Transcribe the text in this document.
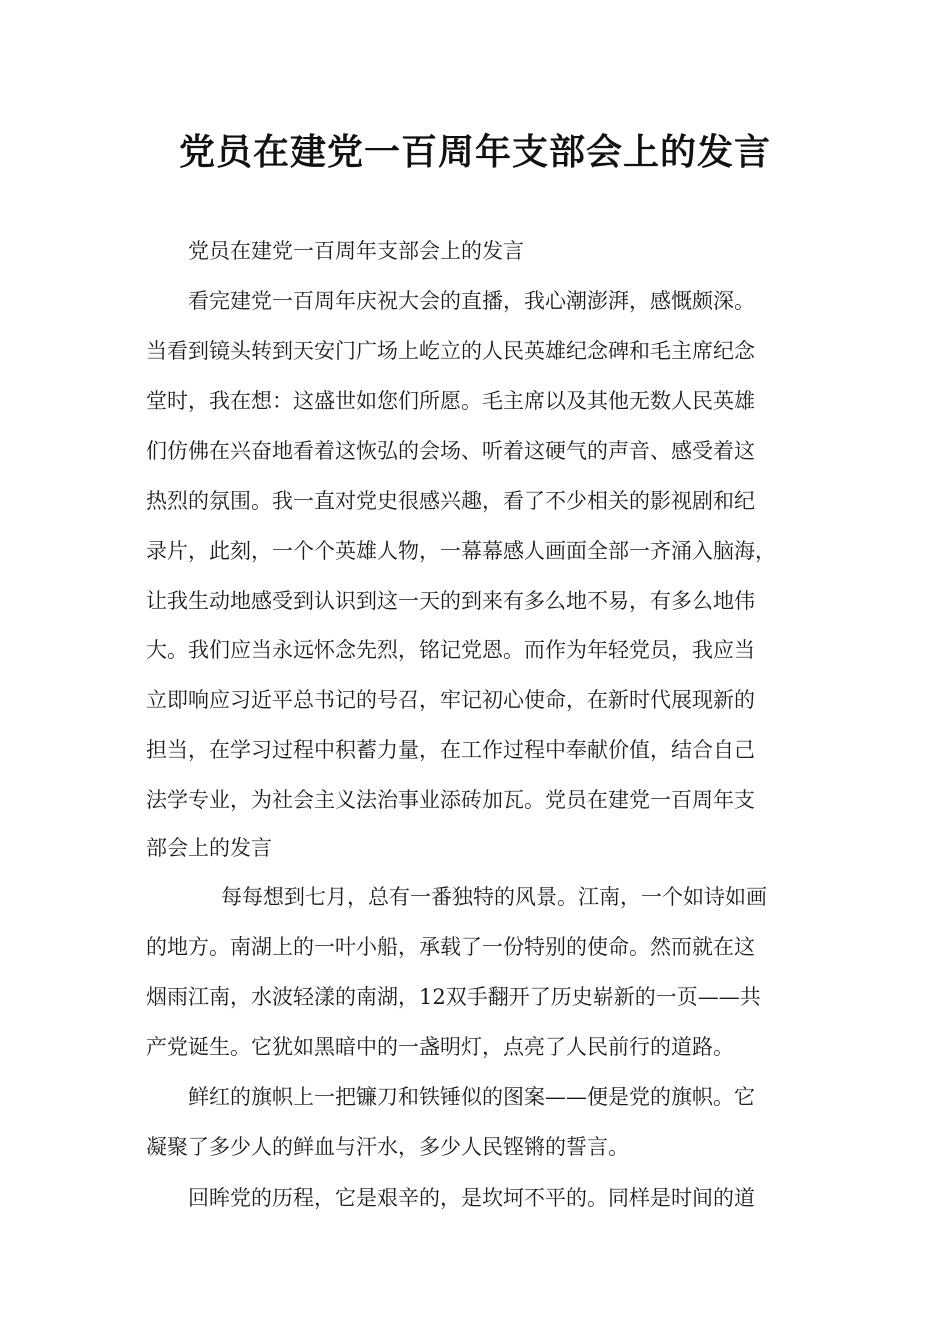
党员在建党一百周年支部会上的发言

党员在建党一百周年支部会上的发言

看完建党一百周年庆祝大会的直播，我心潮澎湃，感慨颇深。

当看到镜头转到天安门广场上屹立的人民英雄纪念碑和毛主席纪念

堂时，我在想：这盛世如您们所愿。毛主席以及其他无数人民英雄

们仿佛在兴奋地看着这恢弘的会场、听着这硬气的声音、感受着这

热烈的氛围。我一直对党史很感兴趣，看了不少相关的影视剧和纪

录片，此刻，一个个英雄人物，一幕幕感人画面全部一齐涌入脑海，

让我生动地感受到认识到这一天的到来有多么地不易，有多么地伟

大。我们应当永远怀念先烈，铭记党恩。而作为年轻党员，我应当

立即响应习近平总书记的号召，牢记初心使命，在新时代展现新的

担当，在学习过程中积蓄力量，在工作过程中奉献价值，结合自己

法学专业，为社会主义法治事业添砖加瓦。党员在建党一百周年支

部会上的发言

每每想到七月，总有一番独特的风景。江南，一个如诗如画

的地方。南湖上的一叶小船，承载了一份特别的使命。然而就在这

烟雨江南，水波轻漾的南湖，12双手翻开了历史崭新的一页——共

产党诞生。它犹如黑暗中的一盏明灯，点亮了人民前行的道路。

鲜红的旗帜上一把镰刀和铁锤似的图案——便是党的旗帜。它

凝聚了多少人的鲜血与汗水，多少人民铿锵的誓言。

回眸党的历程，它是艰辛的，是坎坷不平的。同样是时间的道
